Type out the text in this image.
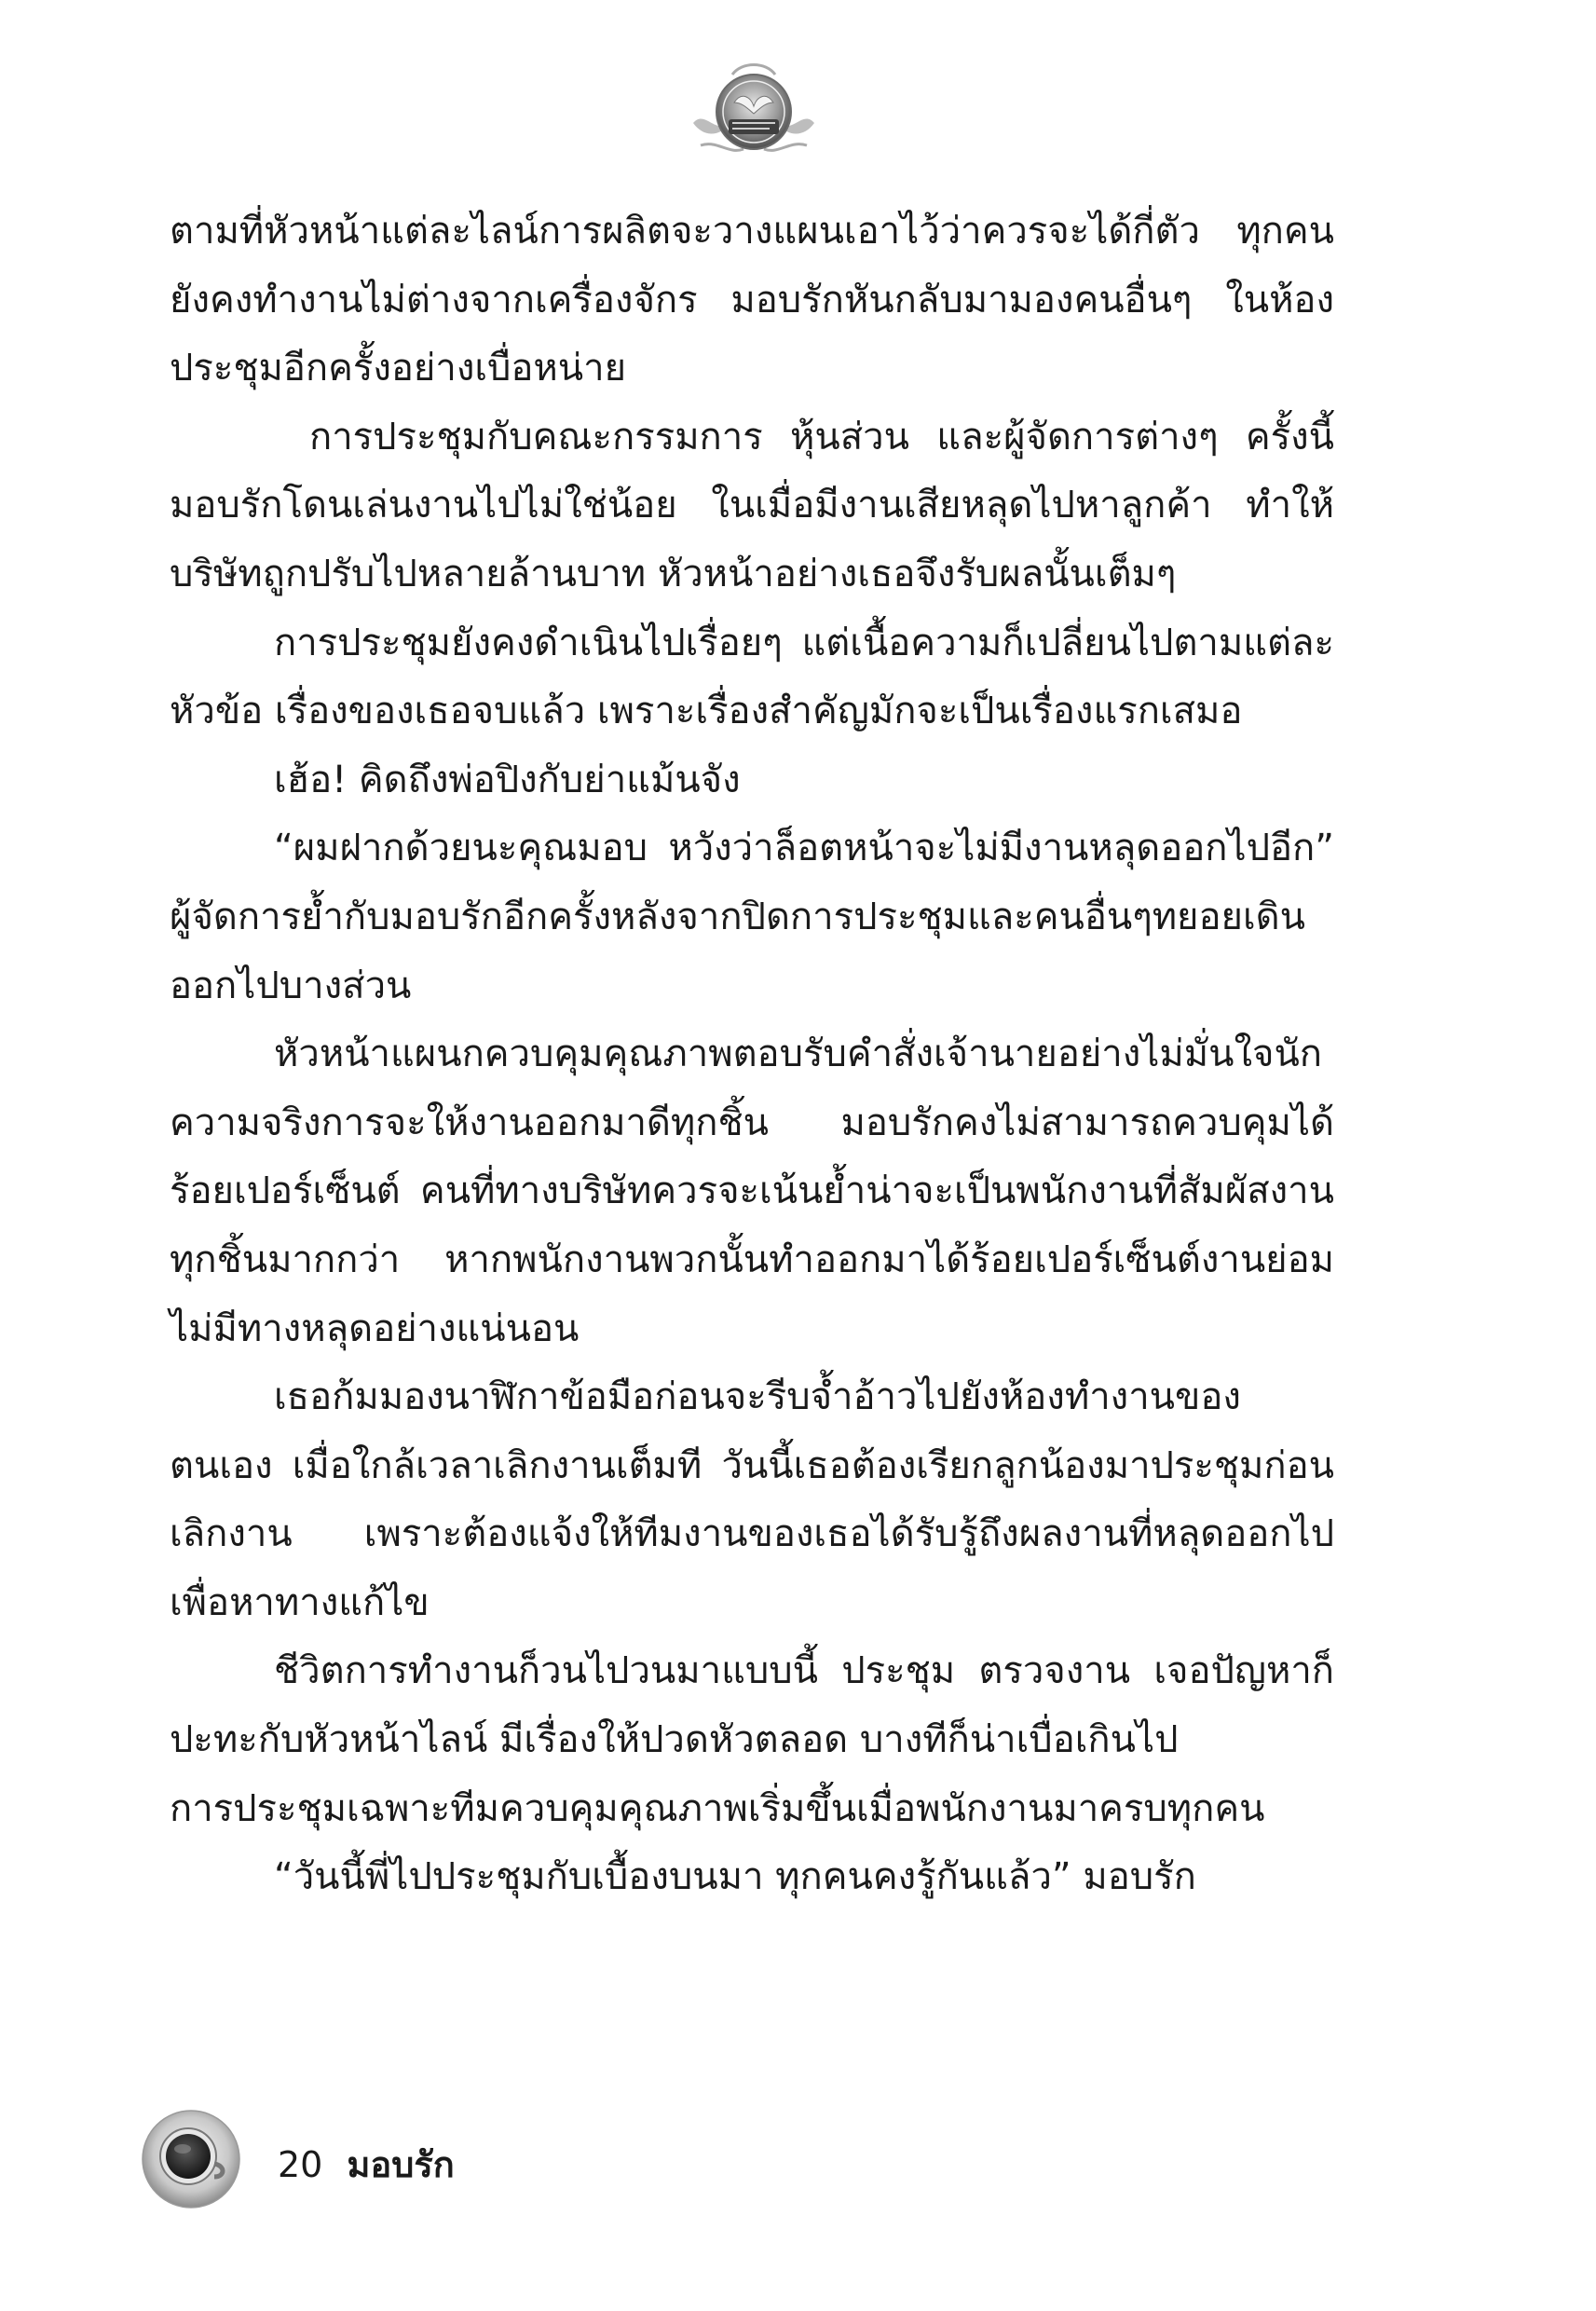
ตามที่หัวหน้าแต่ละไลน์การผลิตจะวางแผนเอาไว้ว่าควรจะได้กี่ตัว ทุกคนยังคงทำงานไม่ต่างจากเครื่องจักร มอบรักหันกลับมามองคนอื่นๆ ในห้องประชุมอีกครั้งอย่างเบื่อหน่าย

การประชุมกับคณะกรรมการ หุ้นส่วน และผู้จัดการต่างๆ ครั้งนี้มอบรักโดนเล่นงานไปไม่ใช่น้อย ในเมื่อมีงานเสียหลุดไปหาลูกค้า ทำให้บริษัทถูกปรับไปหลายล้านบาท หัวหน้าอย่างเธอจึงรับผลนั้นเต็มๆ

การประชุมยังคงดำเนินไปเรื่อยๆ แต่เนื้อความก็เปลี่ยนไปตามแต่ละหัวข้อ เรื่องของเธอจบแล้ว เพราะเรื่องสำคัญมักจะเป็นเรื่องแรกเสมอ

เฮ้อ! คิดถึงพ่อปิงกับย่าแม้นจัง

“ผมฝากด้วยนะคุณมอบ หวังว่าล็อตหน้าจะไม่มีงานหลุดออกไปอีก” ผู้จัดการย้ำกับมอบรักอีกครั้งหลังจากปิดการประชุมและคนอื่นๆทยอยเดินออกไปบางส่วน

หัวหน้าแผนกควบคุมคุณภาพตอบรับคำสั่งเจ้านายอย่างไม่มั่นใจนักความจริงการจะให้งานออกมาดีทุกชิ้น มอบรักคงไม่สามารถควบคุมได้ร้อยเปอร์เซ็นต์ คนที่ทางบริษัทควรจะเน้นย้ำน่าจะเป็นพนักงานที่สัมผัสงานทุกชิ้นมากกว่า หากพนักงานพวกนั้นทำออกมาได้ร้อยเปอร์เซ็นต์งานย่อมไม่มีทางหลุดอย่างแน่นอน

เธอก้มมองนาฬิกาข้อมือก่อนจะรีบจ้ำอ้าวไปยังห้องทำงานของตนเอง เมื่อใกล้เวลาเลิกงานเต็มที วันนี้เธอต้องเรียกลูกน้องมาประชุมก่อนเลิกงาน เพราะต้องแจ้งให้ทีมงานของเธอได้รับรู้ถึงผลงานที่หลุดออกไป เพื่อหาทางแก้ไข

ชีวิตการทำงานก็วนไปวนมาแบบนี้ ประชุม ตรวจงาน เจอปัญหาก็ปะทะกับหัวหน้าไลน์ มีเรื่องให้ปวดหัวตลอด บางทีก็น่าเบื่อเกินไป

การประชุมเฉพาะทีมควบคุมคุณภาพเริ่มขึ้นเมื่อพนักงานมาครบทุกคน

“วันนี้พี่ไปประชุมกับเบื้องบนมา ทุกคนคงรู้กันแล้ว” มอบรัก

20 มอบรัก
